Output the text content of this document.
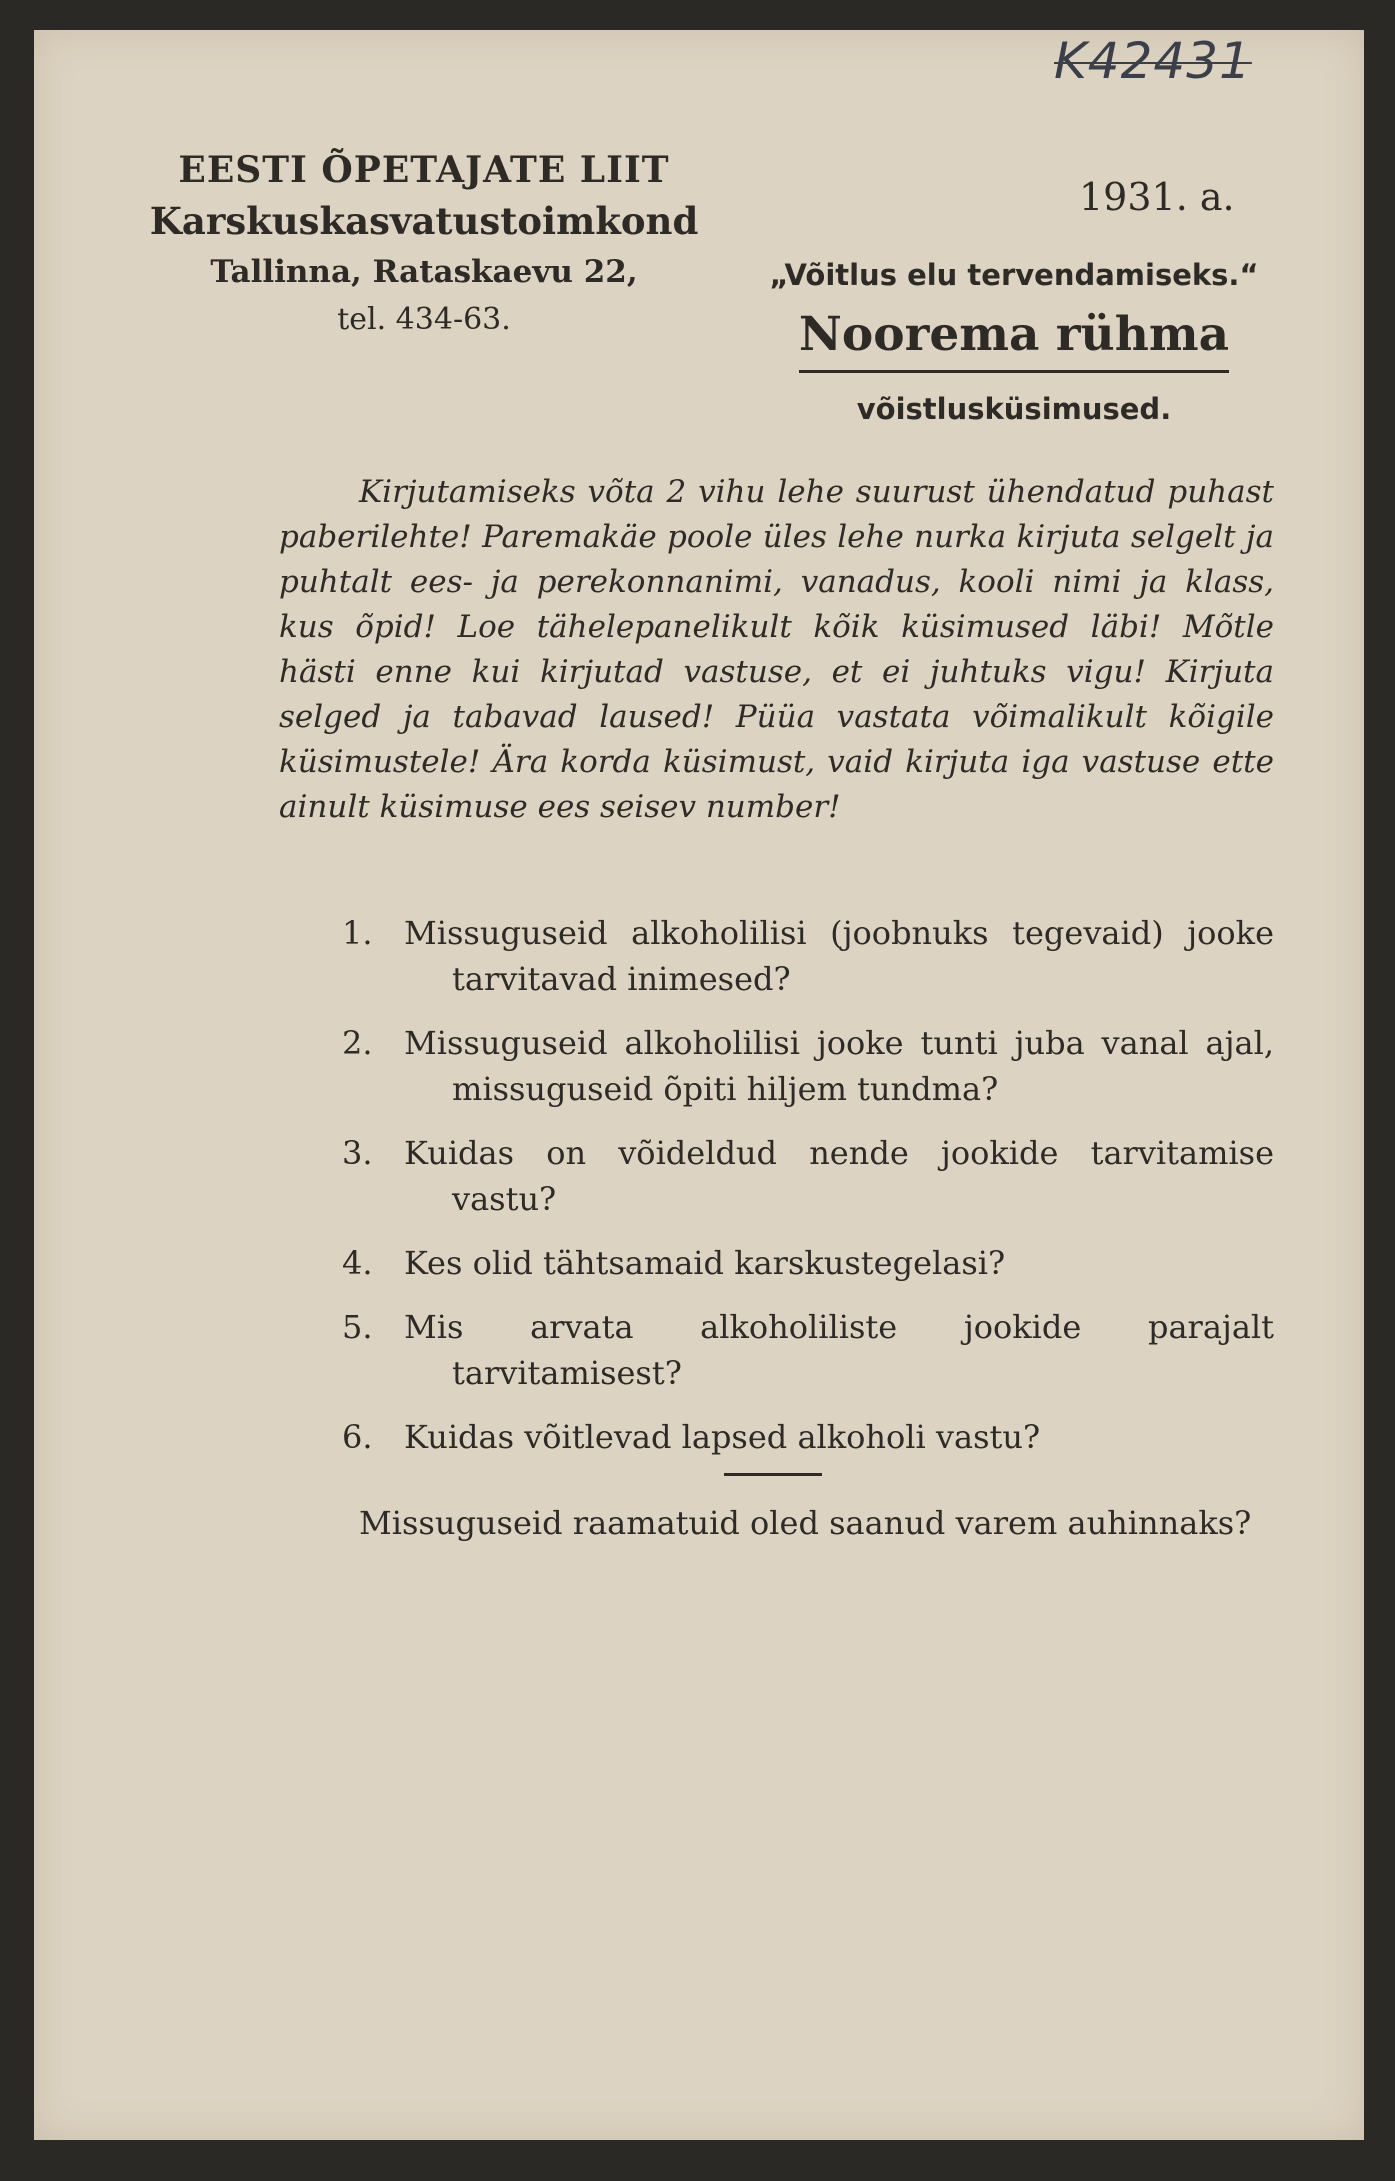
K42431

EESTI ÕPETAJATE LIIT

Karskuskasvatustoimkond

Tallinna, Rataskaevu 22,

tel. 434-63.

1931. a.

„Võitlus elu tervendamiseks.“

Noorema rühma

võistlusküsimused.

Kirjutamiseks võta 2 vihu lehe suurust ühendatud puhast paberilehte! Paremakäe poole üles lehe nurka kirjuta selgelt ja puhtalt ees- ja perekonnanimi, vanadus, kooli nimi ja klass, kus õpid! Loe tähelepanelikult kõik küsimused läbi! Mõtle hästi enne kui kirjutad vastuse, et ei juhtuks vigu! Kirjuta selged ja tabavad laused! Püüa vastata võimalikult kõigile küsimustele! Ära korda küsimust, vaid kirjuta iga vastuse ette ainult küsimuse ees seisev number!

1. Missuguseid alkoholilisi (joobnuks tegevaid) jooke tarvitavad inimesed?
2. Missuguseid alkoholilisi jooke tunti juba vanal ajal, missuguseid õpiti hiljem tundma?
3. Kuidas on võideldud nende jookide tarvitamise vastu?
4. Kes olid tähtsamaid karskustegelasi?
5. Mis arvata alkoholiliste jookide parajalt tarvitamisest?
6. Kuidas võitlevad lapsed alkoholi vastu?

Missuguseid raamatuid oled saanud varem auhinnaks?
